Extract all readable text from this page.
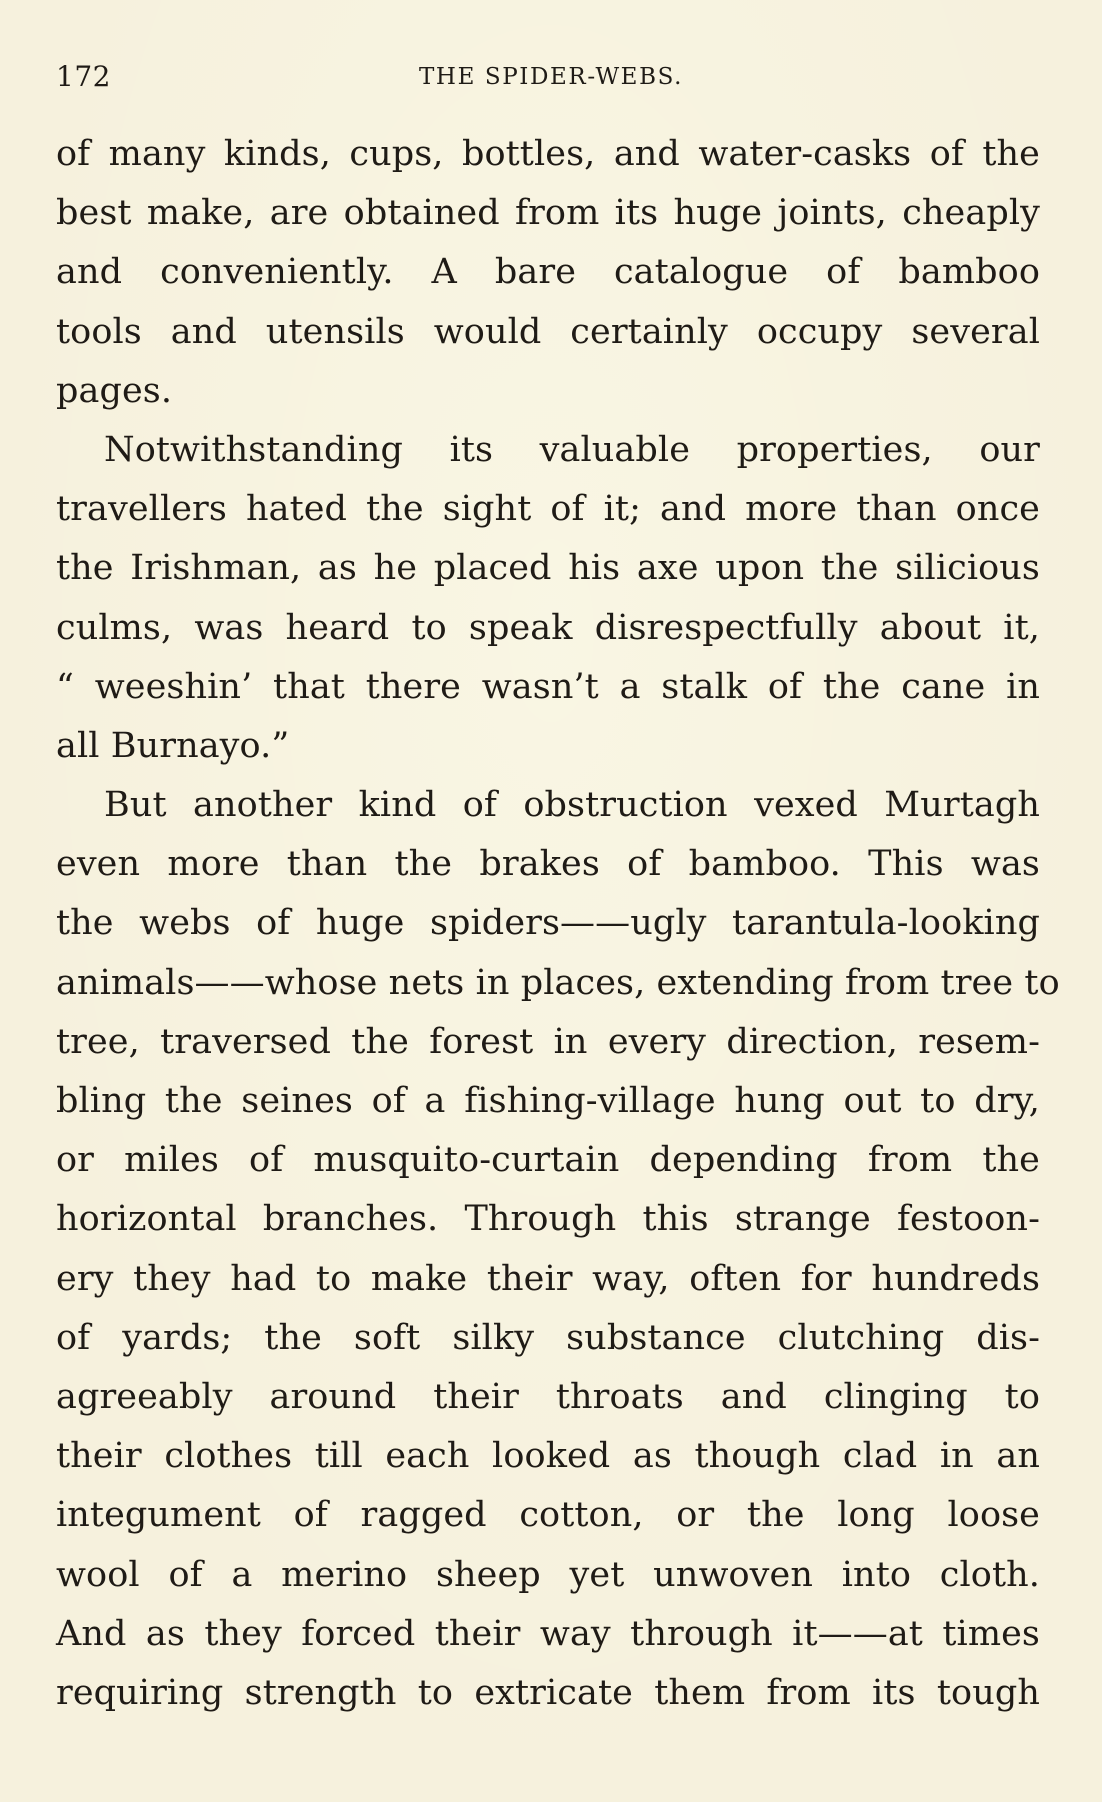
172	THE SPIDER-WEBS.
of many kinds, cups, bottles, and water-casks of the
best make, are obtained from its huge joints, cheaply
and conveniently. A bare catalogue of bamboo
tools and utensils would certainly occupy several
pages.
Notwithstanding its valuable properties, our
travellers hated the sight of it; and more than once
the Irishman, as he placed his axe upon the silicious
culms, was heard to speak disrespectfully about it,
“ weeshin’ that there wasn’t a stalk of the cane in
all Burnayo.”
But another kind of obstruction vexed Murtagh
even more than the brakes of bamboo. This was
the webs of huge spiders——ugly tarantula-looking
animals——whose nets in places, extending from tree to
tree, traversed the forest in every direction, resem-
bling the seines of a fishing-village hung out to dry,
or miles of musquito-curtain depending from the
horizontal branches. Through this strange festoon-
ery they had to make their way, often for hundreds
of yards; the soft silky substance clutching dis-
agreeably around their throats and clinging to
their clothes till each looked as though clad in an
integument of ragged cotton, or the long loose
wool of a merino sheep yet unwoven into cloth.
And as they forced their way through it——at times
requiring strength to extricate them from its tough
